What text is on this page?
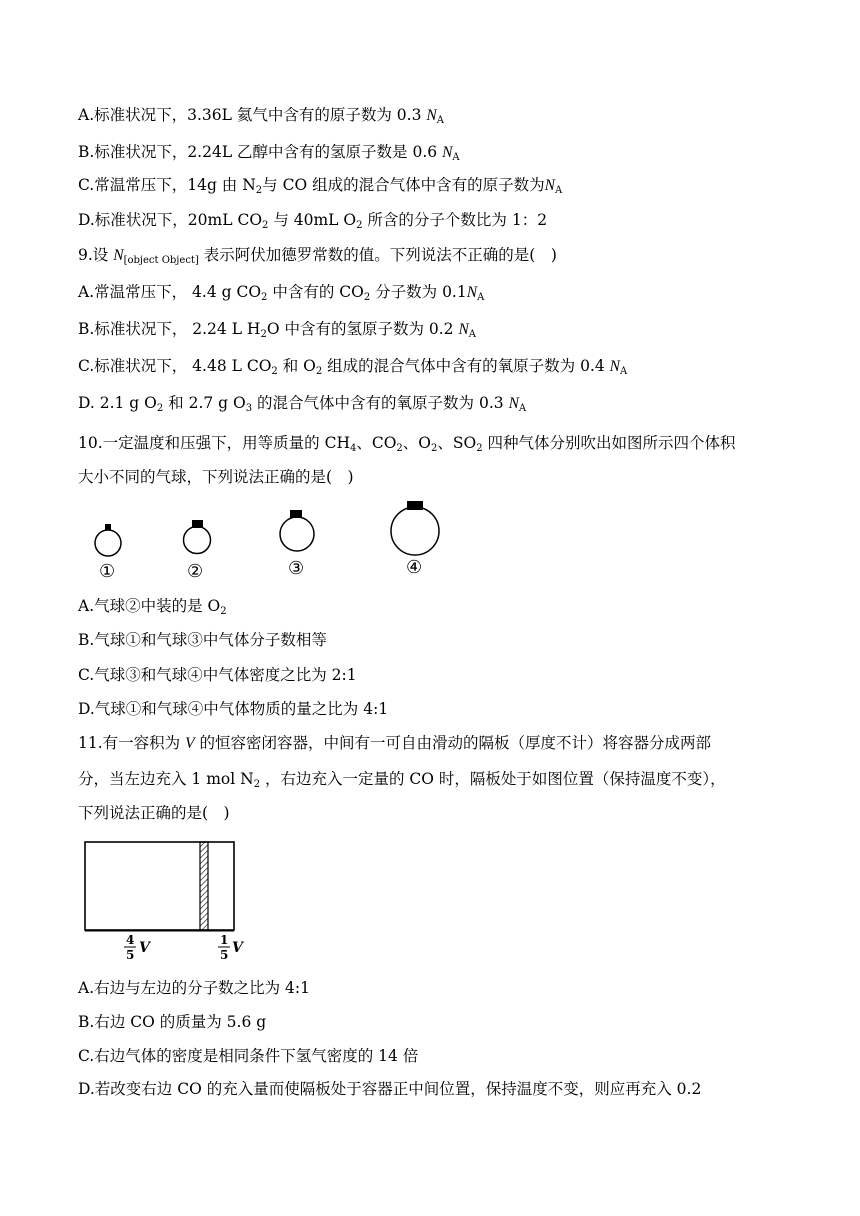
A.标准状况下，3.36L 氦气中含有的原子数为 0.3 $N_A$
B.标准状况下，2.24L 乙醇中含有的氢原子数是 0.6 $N_A$
C.常温常压下，14g 由 $N_2$与 CO 组成的混合气体中含有的原子数为$N_A$
D.标准状况下，20mL $CO_2$ 与 40mL $O_2$ 所含的分子个数比为 1：2
9.设 $N_{[object Object]}$ 表示阿伏加德罗常数的值。下列说法不正确的是(　)
A.常温常压下， 4.4 g $CO_2$ 中含有的 $CO_2$ 分子数为 $0.1N_A$
B.标准状况下， 2.24 L $H_2O$ 中含有的氢原子数为 0.2 $N_A$
C.标准状况下， 4.48 L $CO_2$ 和 $O_2$ 组成的混合气体中含有的氧原子数为 0.4 $N_A$
D. 2.1 g $O_2$ 和 2.7 g $O_3$ 的混合气体中含有的氧原子数为 0.3 $N_A$
10.一定温度和压强下，用等质量的 $CH_4$、$CO_2$、$O_2$、$SO_2$ 四种气体分别吹出如图所示四个体积
大小不同的气球，下列说法正确的是(　)
①	②	③	④
4
5 V	1
5 V
A.气球②中装的是 $O_2$
B.气球①和气球③中气体分子数相等
C.气球③和气球④中气体密度之比为 2:1
D.气球①和气球④中气体物质的量之比为 4:1
11.有一容积为 V 的恒容密闭容器，中间有一可自由滑动的隔板（厚度不计）将容器分成两部
分，当左边充入 1 mol $N_2$ ，右边充入一定量的 CO 时，隔板处于如图位置（保持温度不变），
下列说法正确的是(　)
A.右边与左边的分子数之比为 4:1
B.右边 CO 的质量为 5.6 g
C.右边气体的密度是相同条件下氢气密度的 14 倍
D.若改变右边 CO 的充入量而使隔板处于容器正中间位置，保持温度不变，则应再充入 0.2
